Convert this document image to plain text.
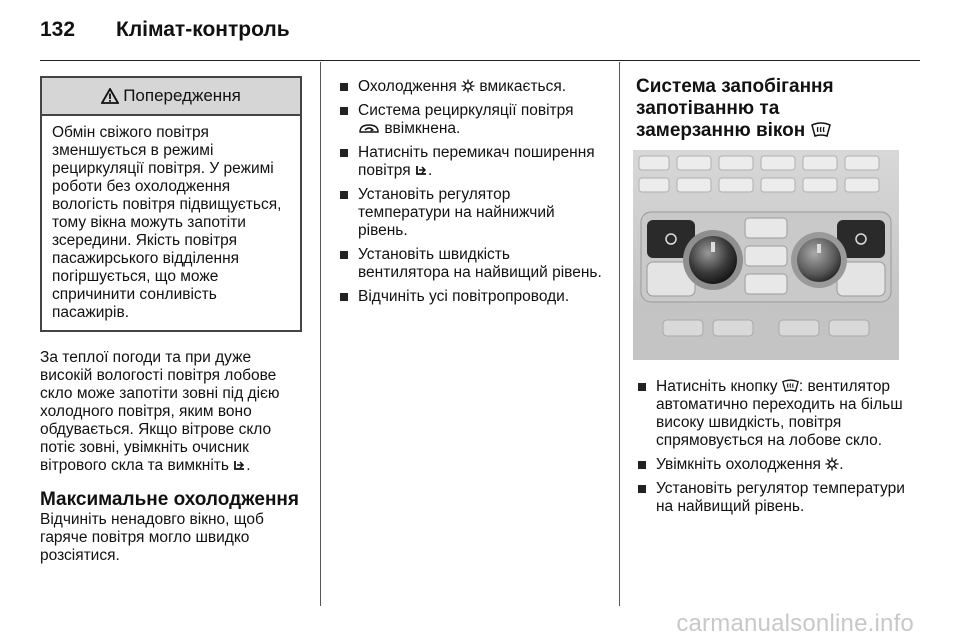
132 Клімат-контроль
Попередження

Обмін свіжого повітря зменшується в режимі рециркуляції повітря. У режимі роботи без охолодження вологість повітря підвищується, тому вікна можуть запотіти зсередини. Якість повітря пасажирського відділення погіршується, що може спричинити сонливість пасажирів.

За теплої погоди та при дуже високій вологості повітря лобове скло може запотіти зовні під дією холодного повітря, яким воно обдувається. Якщо вітрове скло потіє зовні, увімкніть очисник вітрового скла та вимкніть .

Максимальне охолодження

Відчиніть ненадовго вікно, щоб гаряче повітря могло швидко розсіятися.

Охолодження вмикається.
Система рециркуляції повітря
ввімкнена.
Натисніть перемикач поширення повітря .
Установіть регулятор температури на найнижчий рівень.
Установіть швидкість вентилятора на найвищий рівень.
Відчиніть усі повітропроводи.
Система запобігання запотіванню та замерзанню вікон
Натисніть кнопку : вентилятор автоматично переходить на більш високу швидкість, повітря спрямовується на лобове скло.
Увімкніть охолодження .
Установіть регулятор температури на найвищий рівень.
carmanualsonline.info
